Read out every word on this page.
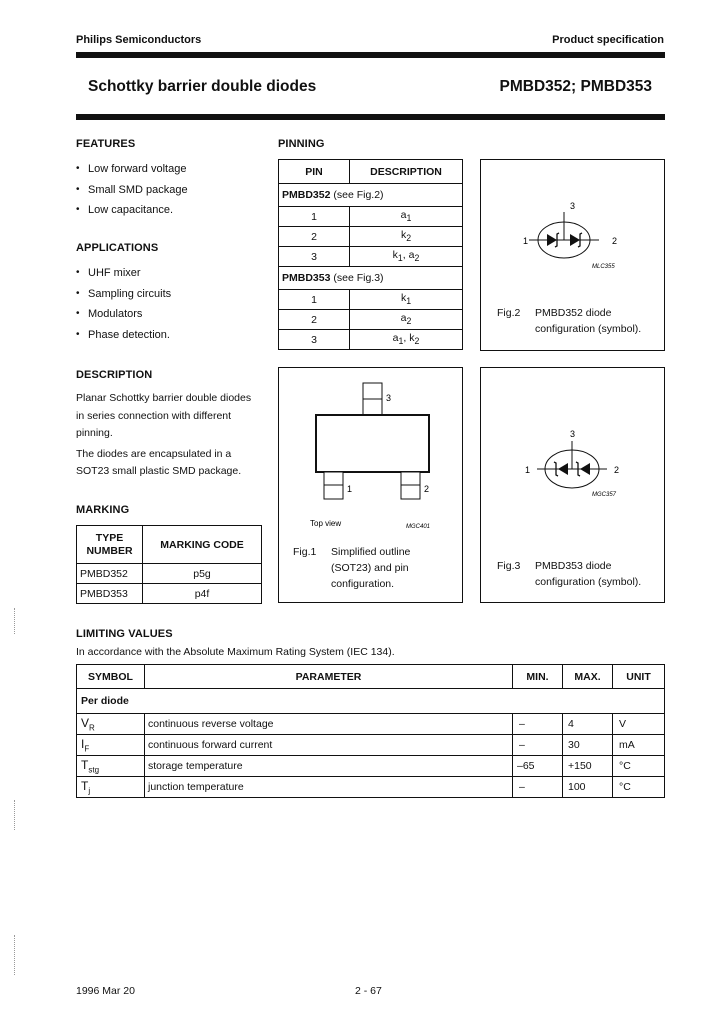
Philips Semiconductors	Product specification
Schottky barrier double diodes	PMBD352; PMBD353
FEATURES
• Low forward voltage
• Small SMD package
• Low capacitance.
APPLICATIONS
• UHF mixer
• Sampling circuits
• Modulators
• Phase detection.
DESCRIPTION
Planar Schottky barrier double diodes
in series connection with different
pinning.
The diodes are encapsulated in a
SOT23 small plastic SMD package.
MARKING
TYPE
NUMBER	MARKING CODE
PMBD352	p5g
PMBD353	p4f
PINNING
PIN	DESCRIPTION
PMBD352 (see Fig.2)	
1	$a_1$
2	$k_2$
3	$k_1$, $a_2$
PMBD353 (see Fig.3)	
1	$k_1$
2	$a_2$
3	$a_1$, $k_2$
3
1	2
MLC355
Fig.2 PMBD352 diode
configuration (symbol).
3
1	2
Top view	MGC401
Fig.1 Simplified outline
(SOT23) and pin
configuration.
3
1	2
MGC357
Fig.3 PMBD353 diode
configuration (symbol).
LIMITING VALUES
In accordance with the Absolute Maximum Rating System (IEC 134).
SYMBOL	PARAMETER	MIN.	MAX.	UNIT
Per diode				
$V_R$	continuous reverse voltage	–	4	V
$I_F$	continuous forward current	–	30	mA
$T_{stg}$	storage temperature	–65	+150	°C
$T_j$	junction temperature	–	100	°C
1996 Mar 20	2 - 67
